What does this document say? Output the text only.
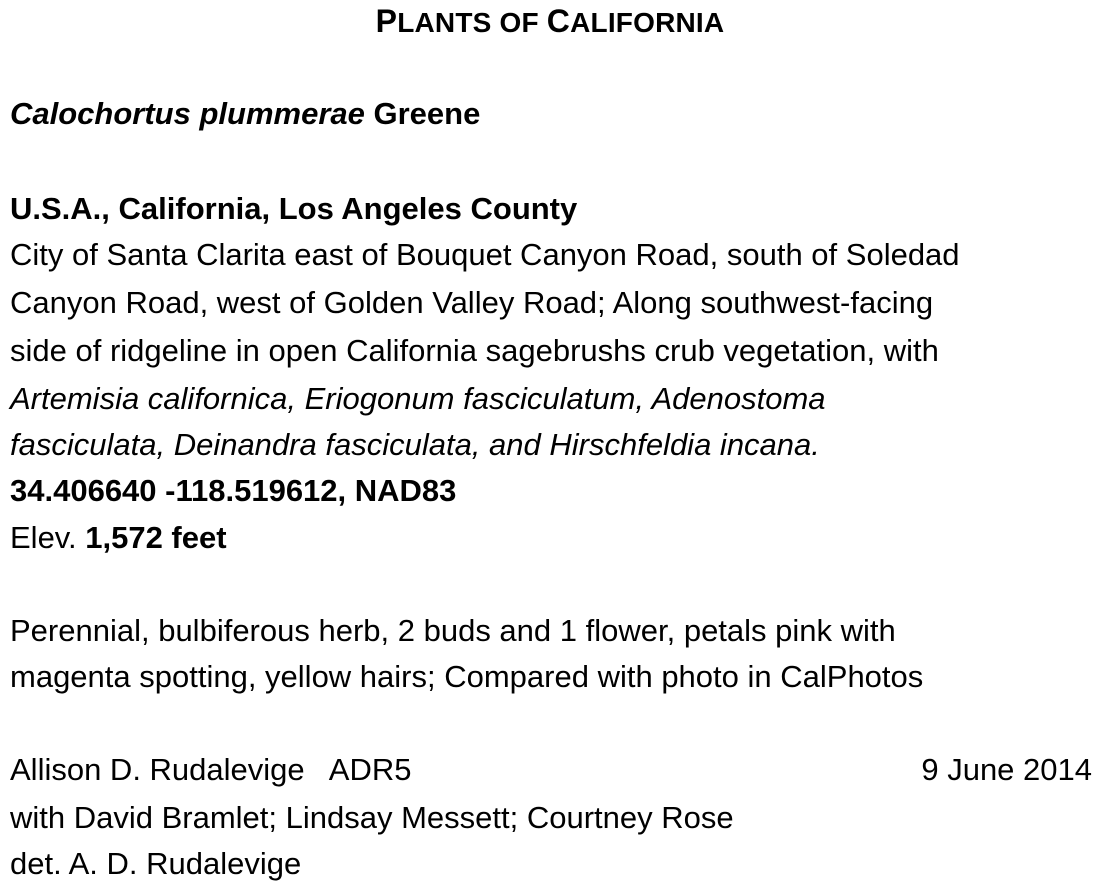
PLANTS OF CALIFORNIA
Calochortus plummerae Greene
U.S.A., California, Los Angeles County
City of Santa Clarita east of Bouquet Canyon Road, south of Soledad
Canyon Road, west of Golden Valley Road; Along southwest-facing
side of ridgeline in open California sagebrushs crub vegetation, with
Artemisia californica, Eriogonum fasciculatum, Adenostoma
fasciculata, Deinandra fasciculata, and Hirschfeldia incana.
34.406640 -118.519612, NAD83
Elev. 1,572 feet
Perennial, bulbiferous herb, 2 buds and 1 flower, petals pink with
magenta spotting, yellow hairs; Compared with photo in CalPhotos
Allison D. Rudalevige   ADR5	9 June 2014
with David Bramlet; Lindsay Messett; Courtney Rose
det. A. D. Rudalevige
